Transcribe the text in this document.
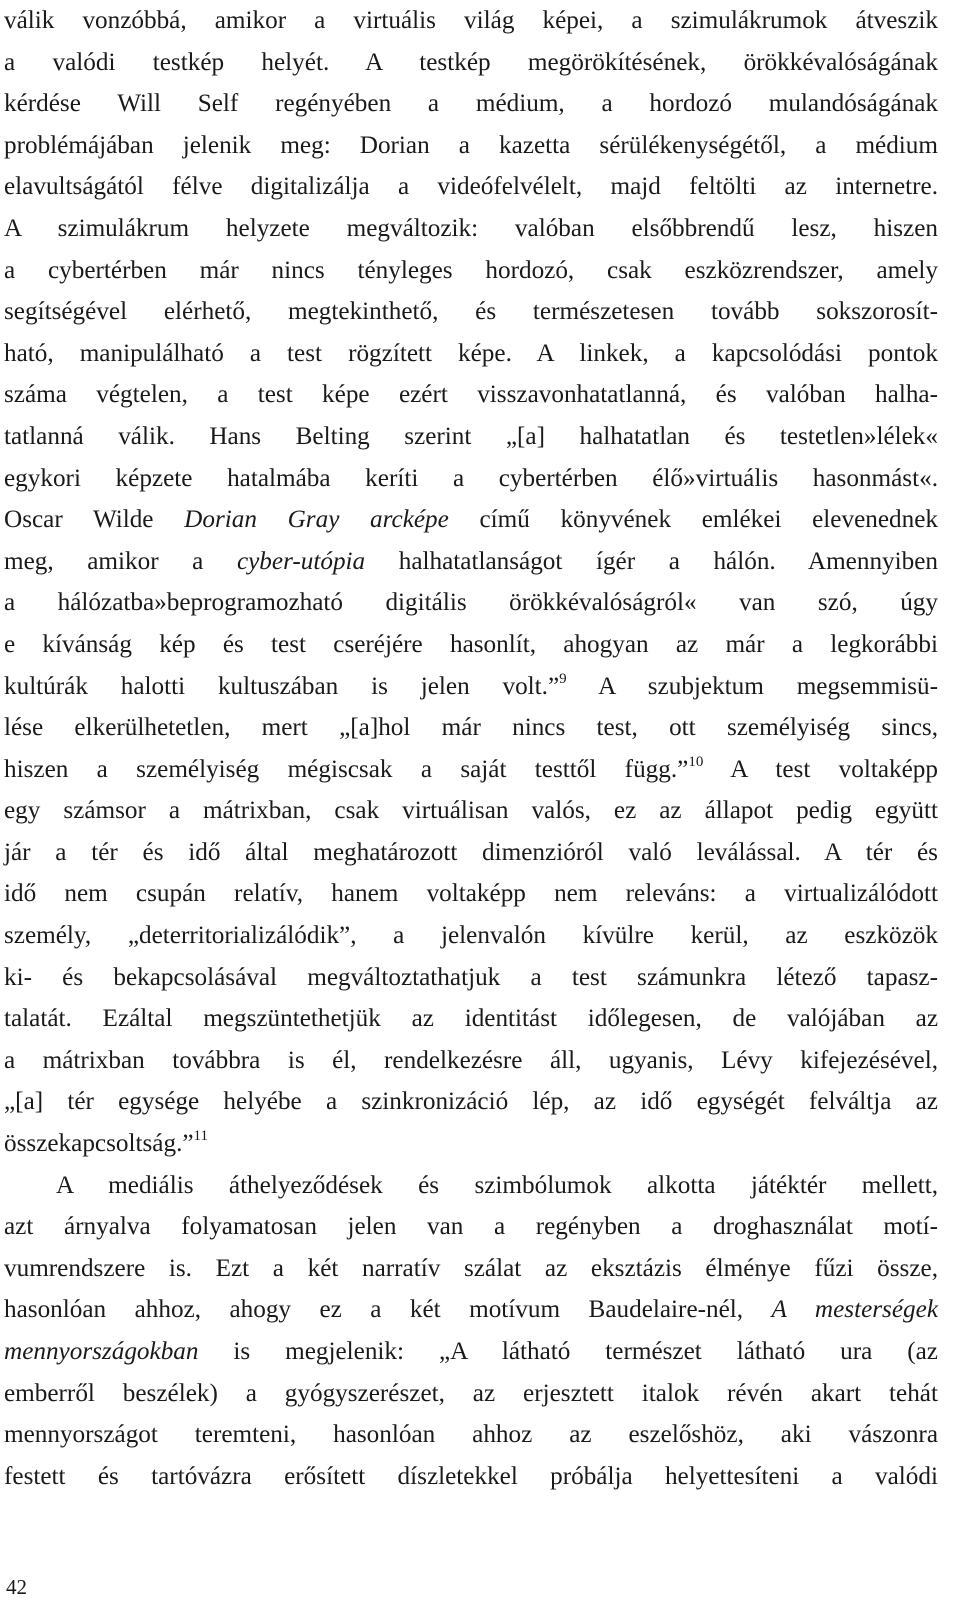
válik vonzóbbá, amikor a virtuális világ képei, a szimulákrumok átveszik
a valódi testkép helyét. A testkép megörökítésének, örökkévalóságának
kérdése Will Self regényében a médium, a hordozó mulandóságának
problémájában jelenik meg: Dorian a kazetta sérülékenységétől, a médium
elavultságától félve digitalizálja a videófelvélelt, majd feltölti az internetre.
A szimulákrum helyzete megváltozik: valóban elsőbbrendű lesz, hiszen
a cybertérben már nincs tényleges hordozó, csak eszközrendszer, amely
segítségével elérhető, megtekinthető, és természetesen tovább sokszorosít-
ható, manipulálható a test rögzített képe. A linkek, a kapcsolódási pontok
száma végtelen, a test képe ezért visszavonhatatlanná, és valóban halha-
tatlanná válik. Hans Belting szerint „[a] halhatatlan és testetlen»lélek«
egykori képzete hatalmába keríti a cybertérben élő»virtuális hasonmást«.
Oscar Wilde Dorian Gray arcképe című könyvének emlékei elevenednek
meg, amikor a cyber-utópia halhatatlanságot ígér a hálón. Amennyiben
a hálózatba»beprogramozható digitális örökkévalóságról« van szó, úgy
e kívánság kép és test cseréjére hasonlít, ahogyan az már a legkorábbi
kultúrák halotti kultuszában is jelen volt.”$^9$ A szubjektum megsemmisü-
lése elkerülhetetlen, mert „[a]hol már nincs test, ott személyiség sincs,
hiszen a személyiség mégiscsak a saját testtől függ.”$^{10}$ A test voltaképp
egy számsor a mátrixban, csak virtuálisan valós, ez az állapot pedig együtt
jár a tér és idő által meghatározott dimenzióról való leválással. A tér és
idő nem csupán relatív, hanem voltaképp nem releváns: a virtualizálódott
személy, „deterritorializálódik”, a jelenvalón kívülre kerül, az eszközök
ki- és bekapcsolásával megváltoztathatjuk a test számunkra létező tapasz-
talatát. Ezáltal megszüntethetjük az identitást időlegesen, de valójában az
a mátrixban továbbra is él, rendelkezésre áll, ugyanis, Lévy kifejezésével,
„[a] tér egysége helyébe a szinkronizáció lép, az idő egységét felváltja az
összekapcsoltság.”$^{11}$
A mediális áthelyeződések és szimbólumok alkotta játéktér mellett,
azt árnyalva folyamatosan jelen van a regényben a droghasználat motí-
vumrendszere is. Ezt a két narratív szálat az eksztázis élménye fűzi össze,
hasonlóan ahhoz, ahogy ez a két motívum Baudelaire-nél, A mesterségek
mennyországokban is megjelenik: „A látható természet látható ura (az
emberről beszélek) a gyógyszerészet, az erjesztett italok révén akart tehát
mennyországot teremteni, hasonlóan ahhoz az eszelőshöz, aki vászonra
festett és tartóvázra erősített díszletekkel próbálja helyettesíteni a valódi
42
